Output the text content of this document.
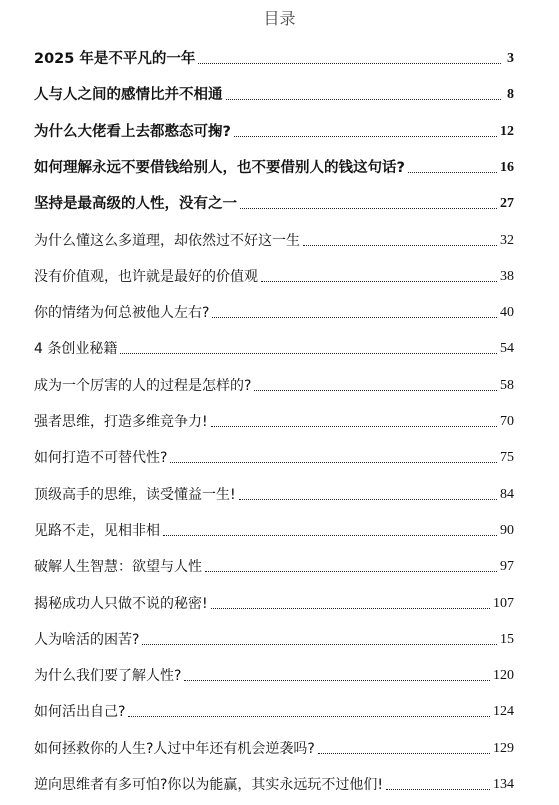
目录
2025 年是不平凡的一年	3
人与人之间的感情比并不相通	8
为什么大佬看上去都憨态可掬?	12
如何理解永远不要借钱给别人，也不要借别人的钱这句话?	16
坚持是最高级的人性，没有之一	27
为什么懂这么多道理，却依然过不好这一生	32
没有价值观，也许就是最好的价值观	38
你的情绪为何总被他人左右?	40
4 条创业秘籍	54
成为一个厉害的人的过程是怎样的?	58
强者思维，打造多维竞争力!	70
如何打造不可替代性?	75
顶级高手的思维，读受懂益一生!	84
见路不走，见相非相	90
破解人生智慧：欲望与人性	97
揭秘成功人只做不说的秘密!	107
人为啥活的困苦?	15
为什么我们要了解人性?	120
如何活出自己?	124
如何拯救你的人生?人过中年还有机会逆袭吗?	129
逆向思维者有多可怕?你以为能赢，其实永远玩不过他们!	134
